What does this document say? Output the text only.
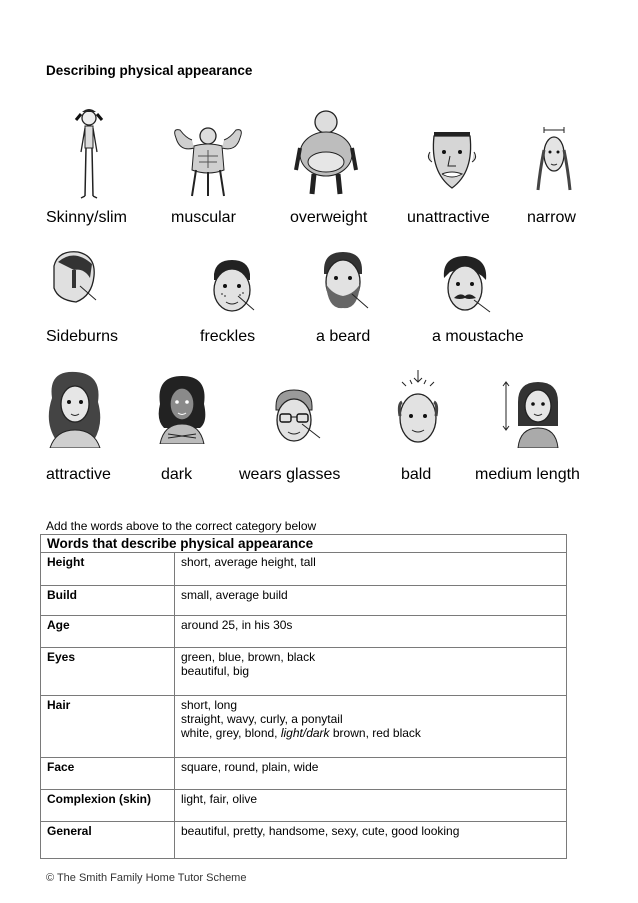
Describing physical appearance
Skinny/slim	muscular	overweight unattractive narrow
Sideburns	freckles	a beard	a moustache
attractive	dark	wears glasses	bald	medium length
Add the words above to the correct category below
Words that describe physical appearance	
Height	short, average height, tall

Build	small, average build

Age	around 25, in his 30s

Eyes	green, blue, brown, black
beautiful, big

Hair	short, long
straight, wavy, curly, a ponytail
white, grey, blond, light/dark brown, red black

Face	square, round, plain, wide

Complexion (skin)	light, fair, olive

General	beautiful, pretty, handsome, sexy, cute, good looking
© The Smith Family Home Tutor Scheme
